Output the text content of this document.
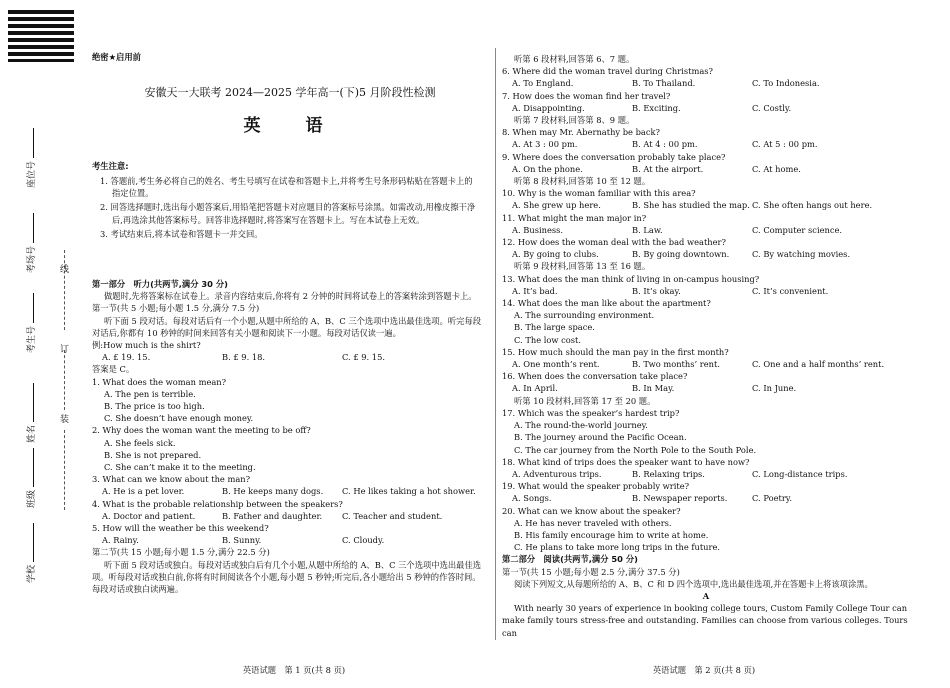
座位号
考场号
考生号
姓名
班级
学校
线
订
装
绝密★启用前
安徽天一大联考 2024—2025 学年高一(下)5 月阶段性检测
英　语
考生注意:
1. 答题前,考生务必将自己的姓名、考生号填写在试卷和答题卡上,并将考生号条形码粘贴在答题卡上的指定位置。
2. 回答选择题时,选出每小题答案后,用铅笔把答题卡对应题目的答案标号涂黑。如需改动,用橡皮擦干净后,再选涂其他答案标号。回答非选择题时,将答案写在答题卡上。写在本试卷上无效。
3. 考试结束后,将本试卷和答题卡一并交回。
第一部分　听力(共两节,满分 30 分)
做题时,先将答案标在试卷上。录音内容结束后,你将有 2 分钟的时间将试卷上的答案转涂到答题卡上。
第一节(共 5 小题;每小题 1.5 分,满分 7.5 分)
听下面 5 段对话。每段对话后有一个小题,从题中所给的 A、B、C 三个选项中选出最佳选项。听完每段对话后,你都有 10 秒钟的时间来回答有关小题和阅读下一小题。每段对话仅读一遍。
例:How much is the shirt?
A. £ 19. 15.	B. £ 9. 18.	C. £ 9. 15.
答案是 C。
1. What does the woman mean?
A. The pen is terrible.
B. The price is too high.
C. She doesn’t have enough money.
2. Why does the woman want the meeting to be off?
A. She feels sick.
B. She is not prepared.
C. She can’t make it to the meeting.
3. What can we know about the man?
A. He is a pet lover.	B. He keeps many dogs.	C. He likes taking a hot shower.
4. What is the probable relationship between the speakers?
A. Doctor and patient.	B. Father and daughter.	C. Teacher and student.
5. How will the weather be this weekend?
A. Rainy.	B. Sunny.	C. Cloudy.
第二节(共 15 小题;每小题 1.5 分,满分 22.5 分)
听下面 5 段对话或独白。每段对话或独白后有几个小题,从题中所给的 A、B、C 三个选项中选出最佳选项。听每段对话或独白前,你将有时间阅读各个小题,每小题 5 秒钟;听完后,各小题给出 5 秒钟的作答时间。每段对话或独白读两遍。
英语试题　第 1 页(共 8 页)
听第 6 段材料,回答第 6、7 题。
6. Where did the woman travel during Christmas?
A. To England.	B. To Thailand.	C. To Indonesia.
7. How does the woman find her travel?
A. Disappointing.	B. Exciting.	C. Costly.
听第 7 段材料,回答第 8、9 题。
8. When may Mr. Abernathy be back?
A. At 3 : 00 pm.	B. At 4 : 00 pm.	C. At 5 : 00 pm.
9. Where does the conversation probably take place?
A. On the phone.	B. At the airport.	C. At home.
听第 8 段材料,回答第 10 至 12 题。
10. Why is the woman familiar with this area?
A. She grew up here.	B. She has studied the map. C. She often hangs out here.
11. What might the man major in?
A. Business.	B. Law.	C. Computer science.
12. How does the woman deal with the bad weather?
A. By going to clubs.	B. By going downtown.	C. By watching movies.
听第 9 段材料,回答第 13 至 16 题。
13. What does the man think of living in on-campus housing?
A. It’s bad.	B. It’s okay.	C. It’s convenient.
14. What does the man like about the apartment?
A. The surrounding environment.
B. The large space.
C. The low cost.
15. How much should the man pay in the first month?
A. One month’s rent.	B. Two months’ rent.	C. One and a half months’ rent.
16. When does the conversation take place?
A. In April.	B. In May.	C. In June.
听第 10 段材料,回答第 17 至 20 题。
17. Which was the speaker’s hardest trip?
A. The round-the-world journey.
B. The journey around the Pacific Ocean.
C. The car journey from the North Pole to the South Pole.
18. What kind of trips does the speaker want to have now?
A. Adventurous trips.	B. Relaxing trips.	C. Long-distance trips.
19. What would the speaker probably write?
A. Songs.	B. Newspaper reports.	C. Poetry.
20. What can we know about the speaker?
A. He has never traveled with others.
B. His family encourage him to write at home.
C. He plans to take more long trips in the future.
第二部分　阅读(共两节,满分 50 分)
第一节(共 15 小题;每小题 2.5 分,满分 37.5 分)
阅读下列短文,从每题所给的 A、B、C 和 D 四个选项中,选出最佳选项,并在答题卡上将该项涂黑。
A
With nearly 30 years of experience in booking college tours, Custom Family College Tour can make family tours stress-free and outstanding. Families can choose from various colleges. Tours can
英语试题　第 2 页(共 8 页)
